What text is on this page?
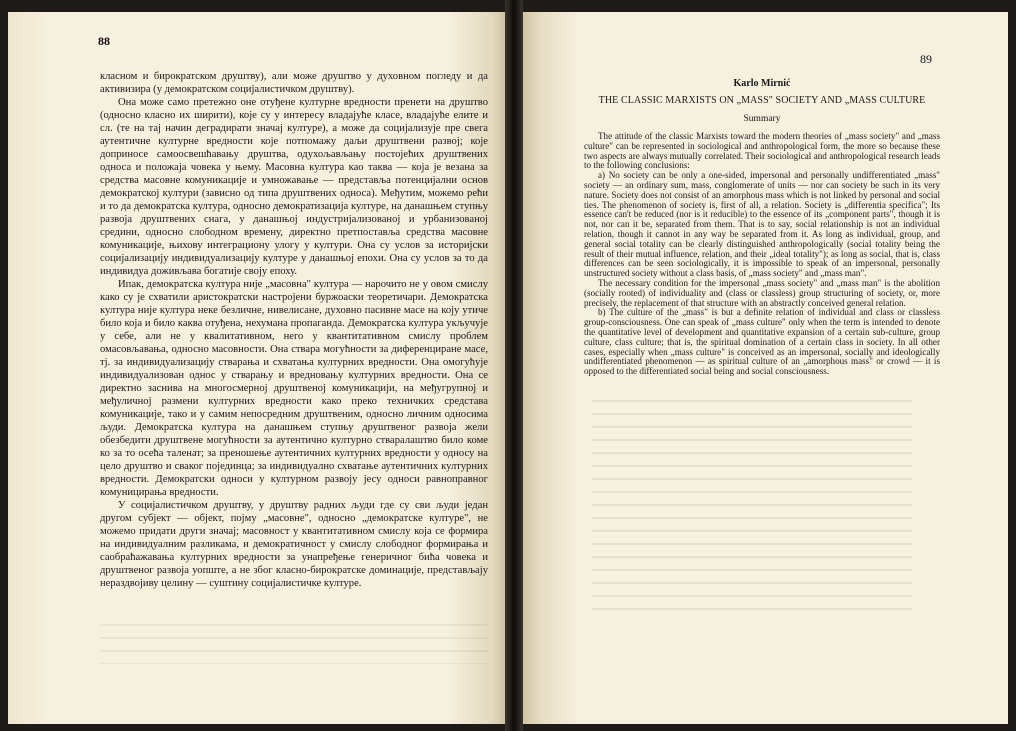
88
89

класном и бирократском друштву), али може друштво у духовном погледу и да активизира (у демократском социјалистичком друштву).

Она може само претежно оне отуђене културне вредности пренети на друштво (односно класно их ширити), које су у интересу владајуће класе, владајуће елите и сл. (те на тај начин деградирати значај културе), а може да социјализује пре свега аутентичне културне вредности које потпомажу даљи друштвени развој; које доприносе самоосвешћавању друштва, одухољављању постојећих друштвених односа и положаја човека у њему. Масовна култура као таква — која је везана за средства масовне комуникације и умножавање — представља потенцијални основ демократској култури (зависно од типа друштвених односа). Међутим, можемо рећи и то да демократска култура, односно демократизација културе, на данашњем ступњу развоја друштвених снага, у данашњој индустријализованој и урбанизованој средини, односно слободном времену, директно претпоставља средства масовне комуникације, њихову интеграциону улогу у култури. Она су услов за историјски социјализацију индивидуализацију културе у данашњој епохи. Она су услов за то да индивидуа доживљава богатије своју епоху.

Ипак, демократска култура није „масовна" култура — нарочито не у овом смислу како су је схватили аристократски настројени буржоаски теоретичари. Демократска култура није култура неке безличне, нивелисане, духовно пасивне масе на коју утиче било која и било каква отуђена, нехумана пропаганда. Демократска култура укључује у себе, али не у квалитативном, него у квантитативном смислу проблем омасовљавања, односно масовности. Она ствара могућности за диференциране масе, тј. за индивидуализацију стварања и схватања културних вредности. Она омогућује индивидуализован однос у стварању и вредновању културних вредности. Она се директно заснива на многосмерној друштвеној комуникацији, на међугрупној и међуличној размени културних вредности како преко техничких средстава комуникације, тако и у самим непосредним друштвеним, односно личним односима људи. Демократска култура на данашњем ступњу друштвеног развоја жели обезбедити друштвене могућности за аутентично културно стваралаштво било коме ко за то осећа таленат; за преношење аутентичних културних вредности у односу на цело друштво и сваког појединца; за индивидуално схватање аутентичних културних вредности. Демократски односи у културном развоју јесу односи равноправног комуницирања вредности.

У социјалистичком друштву, у друштву радних људи где су сви људи један другом субјект — објект, појму „масовне", односно „демократске културе", не можемо придати други значај; масовност у квантитативном смислу која се формира на индивидуалним разликама, и демократичност у смислу слободног формирања и саобраћажавања културних вредности за унапређење генеричног бића човека и друштвеног развоја уопште, а не због класно-бирократске доминације, представљају нераздвојиву целину — суштину социјалистичке културе.

Karlo Mirnić
THE CLASSIC MARXISTS ON „MASS" SOCIETY AND „MASS CULTURE
Summary

The attitude of the classic Marxists toward the modern theories of „mass society" and „mass culture" can be represented in sociological and anthropological form, the more so because these two aspects are always mutually correlated. Their sociological and anthropological research leads to the following conclusions:

a) No society can be only a one-sided, impersonal and personally undifferentiated „mass" society — an ordinary sum, mass, conglomerate of units — nor can society be such in its very nature. Society does not consist of an amorphous mass which is not linked by personal and social ties. The phenomenon of society is, first of all, a relation. Society is „differentia specifica"; Its essence can't be reduced (nor is it reducible) to the essence of its „component parts", though it is not, nor can it be, separated from them. That is to say, social relationship is not an individual relation, though it cannot in any way be separated from it. As long as individual, group, and general social totality can be clearly distinguished anthropologically (social totality being the result of their mutual influence, relation, and their „ideal totality"); as long as social, that is, class differences can be seen sociologically, it is impossible to speak of an impersonal, personally unstructured society without a class basis, of „mass society" and „mass man".

The necessary condition for the impersonal „mass society" and „mass man" is the abolition (socially rooted) of individuality and (class or classless) group structuring of society, or, more precisely, the replacement of that structure with an abstractly conceived general relation.

b) The culture of the „mass" is but a definite relation of individual and class or classless group-consciousness. One can speak of „mass culture" only when the term is intended to denote the quantitative level of development and quantitative expansion of a certain sub-culture, group culture, class culture; that is, the spiritual domination of a certain class in society. In all other cases, especially when „mass culture" is conceived as an impersonal, socially and ideologically undifferentiated phenomenon — as spiritual culture of an „amorphous mass" or crowd — it is opposed to the differentiated social being and social consciousness.
